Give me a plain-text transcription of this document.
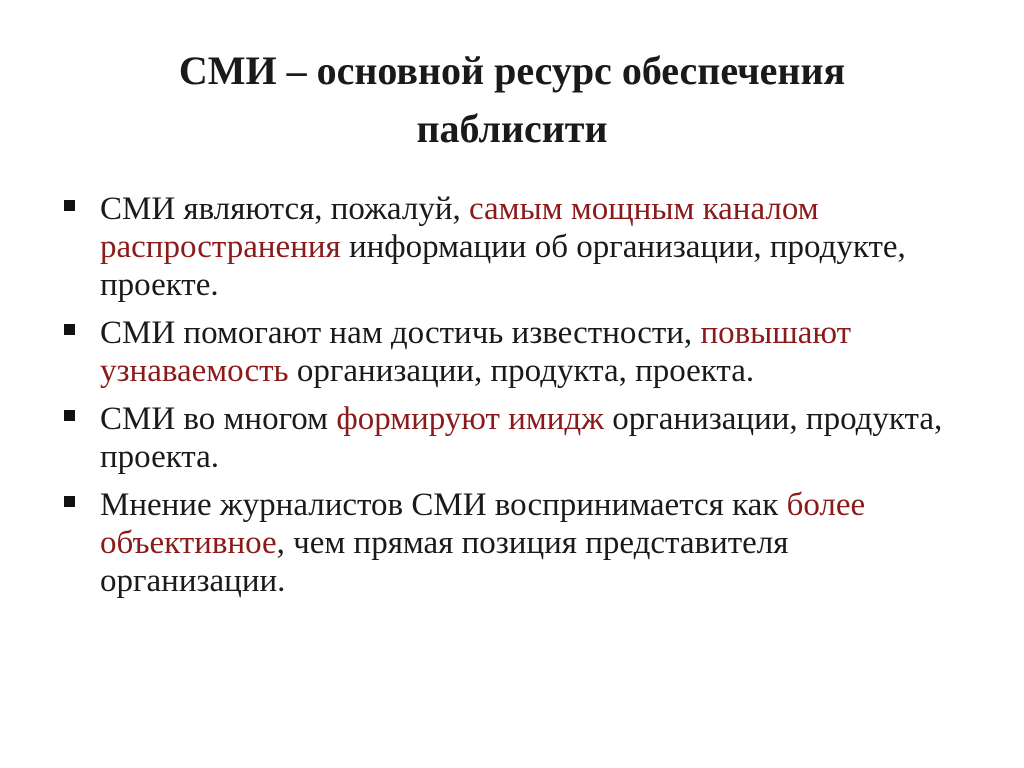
СМИ – основной ресурс обеспечения
паблисити
СМИ являются, пожалуй, самым мощным каналом распространения информации об организации, продукте, проекте.
СМИ помогают нам достичь известности, повышают узнаваемость организации, продукта, проекта.
СМИ во многом формируют имидж организации, продукта, проекта.
Мнение журналистов СМИ воспринимается как более объективное, чем прямая позиция представителя организации.
